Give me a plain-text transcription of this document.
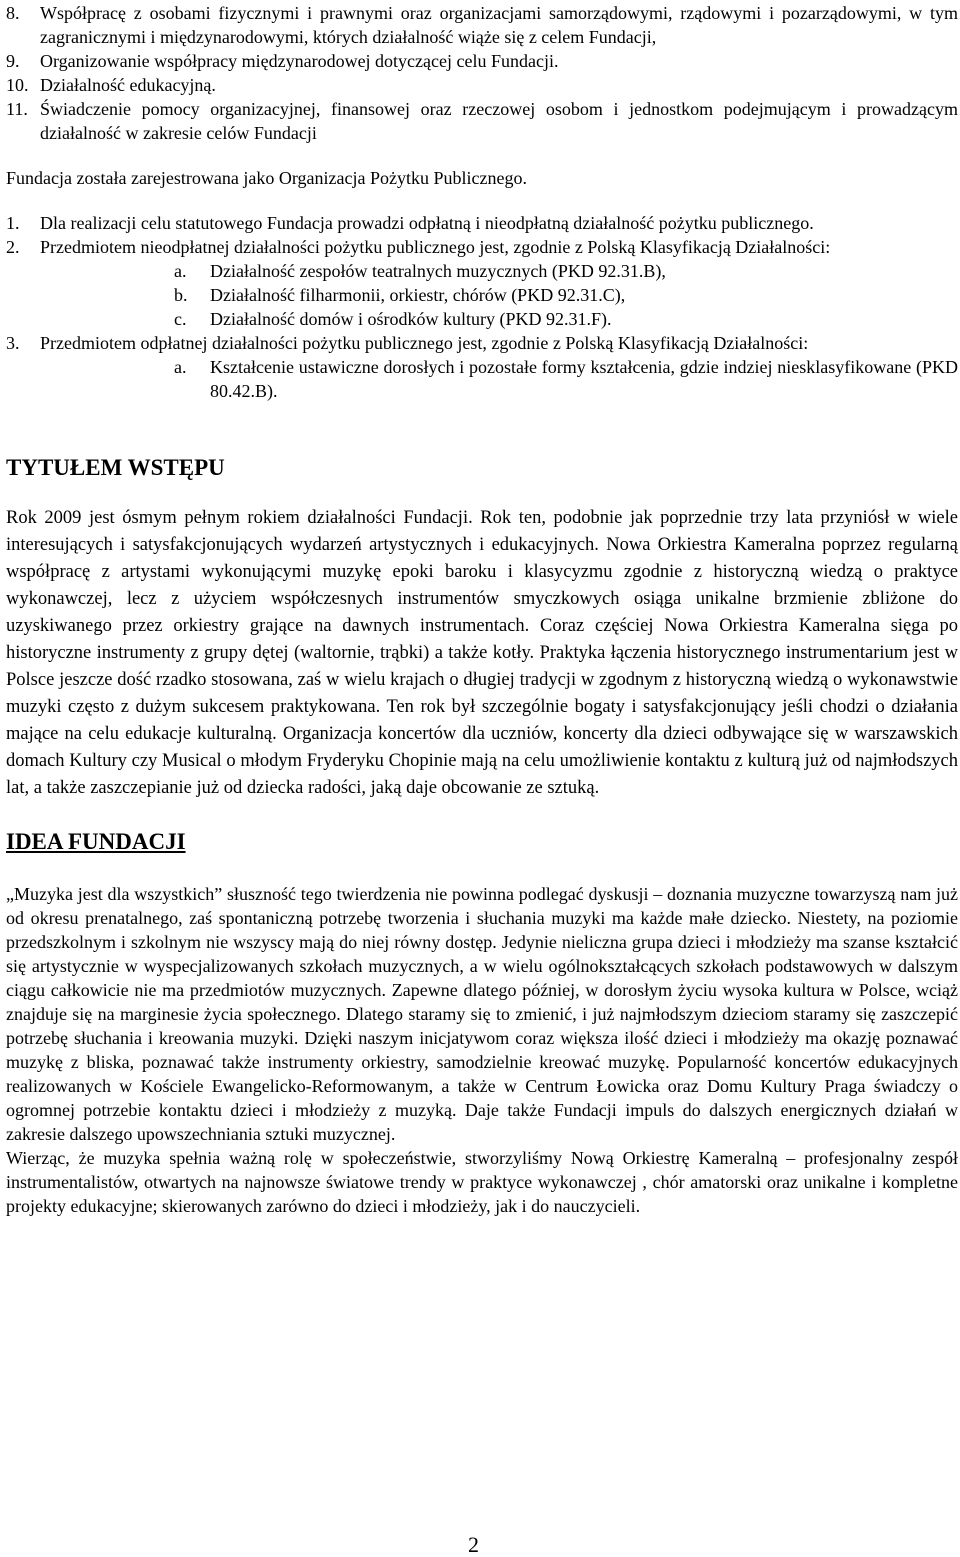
8. Współpracę z osobami fizycznymi i prawnymi oraz organizacjami samorządowymi, rządowymi i pozarządowymi, w tym zagranicznymi i międzynarodowymi, których działalność wiąże się z celem Fundacji,

9. Organizowanie współpracy międzynarodowej dotyczącej celu Fundacji.

10. Działalność edukacyjną.

11. Świadczenie pomocy organizacyjnej, finansowej oraz rzeczowej osobom i jednostkom podejmującym i prowadzącym działalność w zakresie celów Fundacji

Fundacja została zarejestrowana jako Organizacja Pożytku Publicznego.

1. Dla realizacji celu statutowego Fundacja prowadzi odpłatną i nieodpłatną działalność pożytku publicznego.

2. Przedmiotem nieodpłatnej działalności pożytku publicznego jest, zgodnie z Polską Klasyfikacją Działalności:

a. Działalność zespołów teatralnych muzycznych (PKD 92.31.B),

b. Działalność filharmonii, orkiestr, chórów (PKD 92.31.C),

c. Działalność domów i ośrodków kultury (PKD 92.31.F).

3. Przedmiotem odpłatnej działalności pożytku publicznego jest, zgodnie z Polską Klasyfikacją Działalności:

a. Kształcenie ustawiczne dorosłych i pozostałe formy kształcenia, gdzie indziej niesklasyfikowane (PKD 80.42.B).

TYTUŁEM WSTĘPU

Rok 2009 jest ósmym pełnym rokiem działalności Fundacji. Rok ten, podobnie jak poprzednie trzy lata przyniósł w wiele interesujących i satysfakcjonujących wydarzeń artystycznych i edukacyjnych. Nowa Orkiestra Kameralna poprzez regularną współpracę z artystami wykonującymi muzykę epoki baroku i klasycyzmu zgodnie z historyczną wiedzą o praktyce wykonawczej, lecz z użyciem współczesnych instrumentów smyczkowych osiąga unikalne brzmienie zbliżone do uzyskiwanego przez orkiestry grające na dawnych instrumentach. Coraz częściej Nowa Orkiestra Kameralna sięga po historyczne instrumenty z grupy dętej (waltornie, trąbki) a także kotły. Praktyka łączenia historycznego instrumentarium jest w Polsce jeszcze dość rzadko stosowana, zaś w wielu krajach o długiej tradycji w zgodnym z historyczną wiedzą o wykonawstwie muzyki często z dużym sukcesem praktykowana. Ten rok był szczególnie bogaty i satysfakcjonujący jeśli chodzi o działania mające na celu edukacje kulturalną. Organizacja koncertów dla uczniów, koncerty dla dzieci odbywające się w warszawskich domach Kultury czy Musical o młodym Fryderyku Chopinie mają na celu umożliwienie kontaktu z kulturą już od najmłodszych lat, a także zaszczepianie już od dziecka radości, jaką daje obcowanie ze sztuką.

IDEA FUNDACJI

„Muzyka jest dla wszystkich” słuszność tego twierdzenia nie powinna podlegać dyskusji – doznania muzyczne towarzyszą nam już od okresu prenatalnego, zaś spontaniczną potrzebę tworzenia i słuchania muzyki ma każde małe dziecko. Niestety, na poziomie przedszkolnym i szkolnym nie wszyscy mają do niej równy dostęp. Jedynie nieliczna grupa dzieci i młodzieży ma szanse kształcić się artystycznie w wyspecjalizowanych szkołach muzycznych, a w wielu ogólnokształcących szkołach podstawowych w dalszym ciągu całkowicie nie ma przedmiotów muzycznych. Zapewne dlatego później, w dorosłym życiu wysoka kultura w Polsce, wciąż znajduje się na marginesie życia społecznego. Dlatego staramy się to zmienić, i już najmłodszym dzieciom staramy się zaszczepić potrzebę słuchania i kreowania muzyki. Dzięki naszym inicjatywom coraz większa ilość dzieci i młodzieży ma okazję poznawać muzykę z bliska, poznawać także instrumenty orkiestry, samodzielnie kreować muzykę. Popularność koncertów edukacyjnych realizowanych w Kościele Ewangelicko-Reformowanym, a także w Centrum Łowicka oraz Domu Kultury Praga świadczy o ogromnej potrzebie kontaktu dzieci i młodzieży z muzyką. Daje także Fundacji impuls do dalszych energicznych działań w zakresie dalszego upowszechniania sztuki muzycznej.

Wierząc, że muzyka spełnia ważną rolę w społeczeństwie, stworzyliśmy Nową Orkiestrę Kameralną – profesjonalny zespół instrumentalistów, otwartych na najnowsze światowe trendy w praktyce wykonawczej , chór amatorski oraz unikalne i kompletne projekty edukacyjne; skierowanych zarówno do dzieci i młodzieży, jak i do nauczycieli.

2
